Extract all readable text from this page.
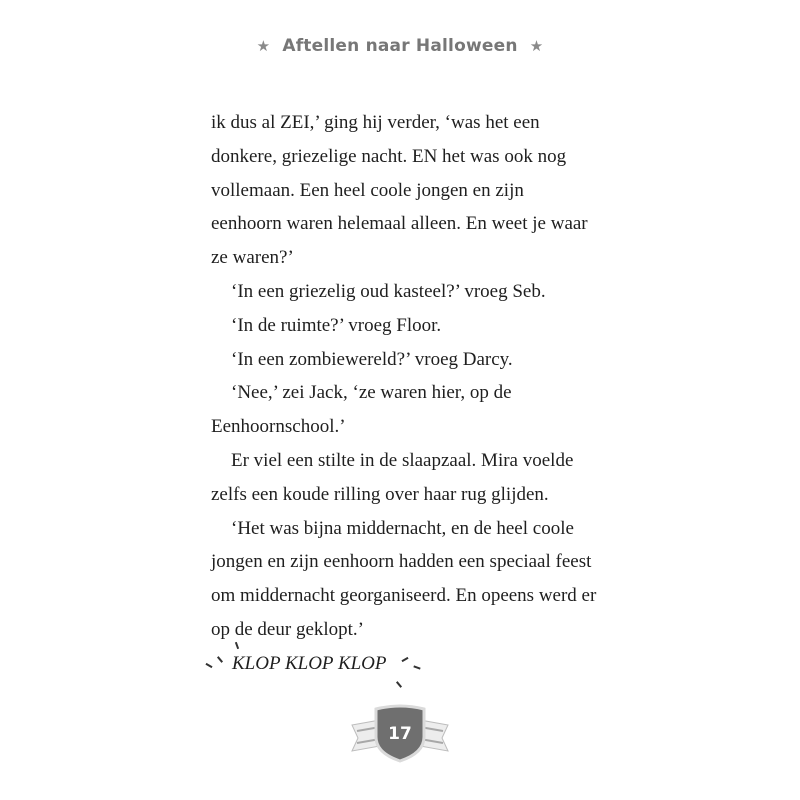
★ Aftellen naar Halloween ★
ik dus al ZEI,’ ging hij verder, ‘was het een
donkere, griezelige nacht. EN het was ook nog
vollemaan. Een heel coole jongen en zijn
eenhoorn waren helemaal alleen. En weet je waar
ze waren?’
‘In een griezelig oud kasteel?’ vroeg Seb.
‘In de ruimte?’ vroeg Floor.
‘In een zombiewereld?’ vroeg Darcy.
‘Nee,’ zei Jack, ‘ze waren hier, op de
Eenhoornschool.’
Er viel een stilte in de slaapzaal. Mira voelde
zelfs een koude rilling over haar rug glijden.
‘Het was bijna middernacht, en de heel coole
jongen en zijn eenhoorn hadden een speciaal feest
om middernacht georganiseerd. En opeens werd er
op de deur geklopt.’
KLOP KLOP KLOP
17
